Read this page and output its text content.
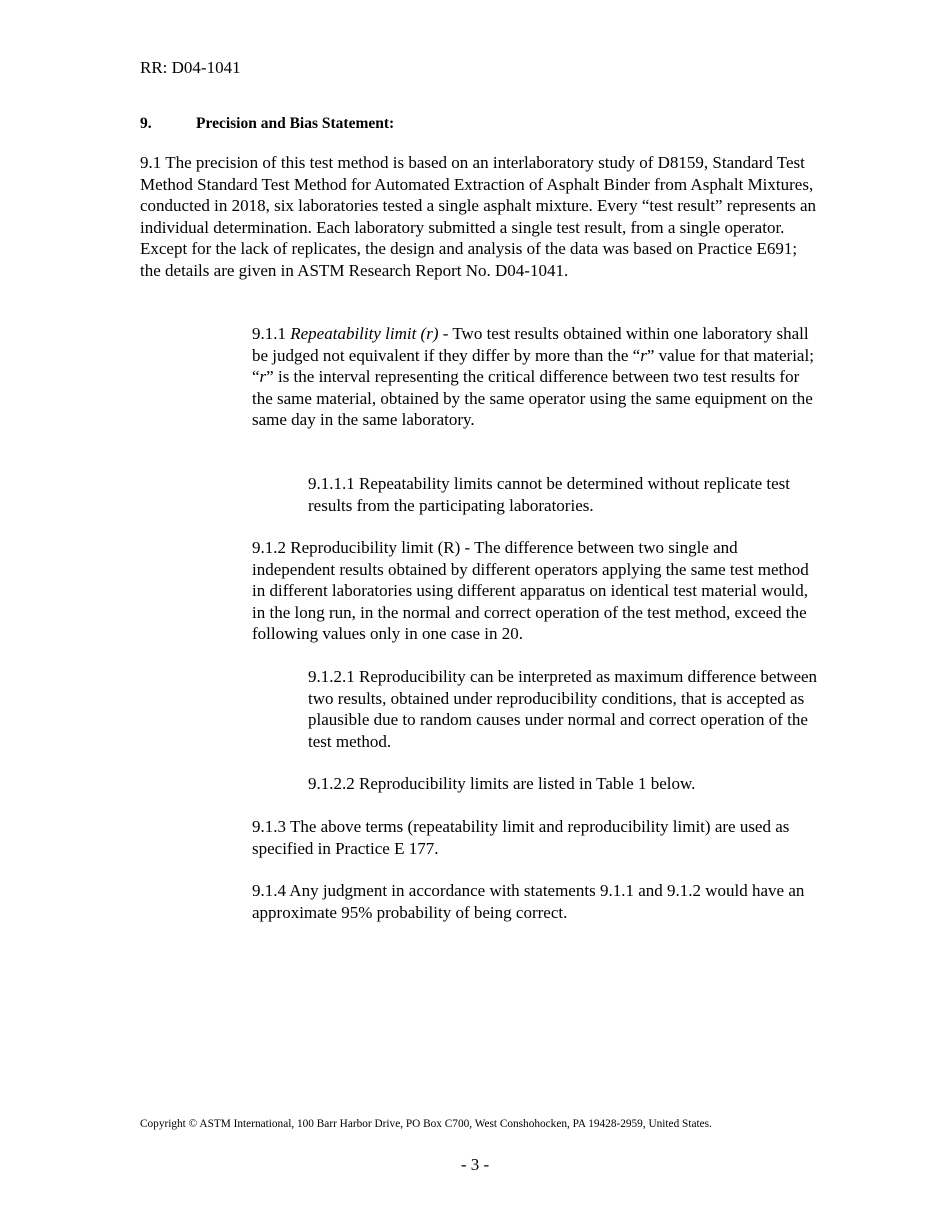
RR: D04-1041
9.	Precision and Bias Statement:
9.1 The precision of this test method is based on an interlaboratory study of D8159, Standard Test Method Standard Test Method for Automated Extraction of Asphalt Binder from Asphalt Mixtures, conducted in 2018, six laboratories tested a single asphalt mixture. Every “test result” represents an individual determination. Each laboratory submitted a single test result, from a single operator. Except for the lack of replicates, the design and analysis of the data was based on Practice E691; the details are given in ASTM Research Report No. D04-1041.
9.1.1 Repeatability limit (r) - Two test results obtained within one laboratory shall be judged not equivalent if they differ by more than the “r” value for that material; “r” is the interval representing the critical difference between two test results for the same material, obtained by the same operator using the same equipment on the same day in the same laboratory.
9.1.1.1 Repeatability limits cannot be determined without replicate test results from the participating laboratories.
9.1.2 Reproducibility limit (R) - The difference between two single and independent results obtained by different operators applying the same test method in different laboratories using different apparatus on identical test material would, in the long run, in the normal and correct operation of the test method, exceed the following values only in one case in 20.
9.1.2.1 Reproducibility can be interpreted as maximum difference between two results, obtained under reproducibility conditions, that is accepted as plausible due to random causes under normal and correct operation of the test method.
9.1.2.2 Reproducibility limits are listed in Table 1 below.
9.1.3 The above terms (repeatability limit and reproducibility limit) are used as specified in Practice E 177.
9.1.4 Any judgment in accordance with statements 9.1.1 and 9.1.2 would have an approximate 95% probability of being correct.
Copyright © ASTM International, 100 Barr Harbor Drive, PO Box C700, West Conshohocken, PA 19428-2959, United States.
- 3 -
